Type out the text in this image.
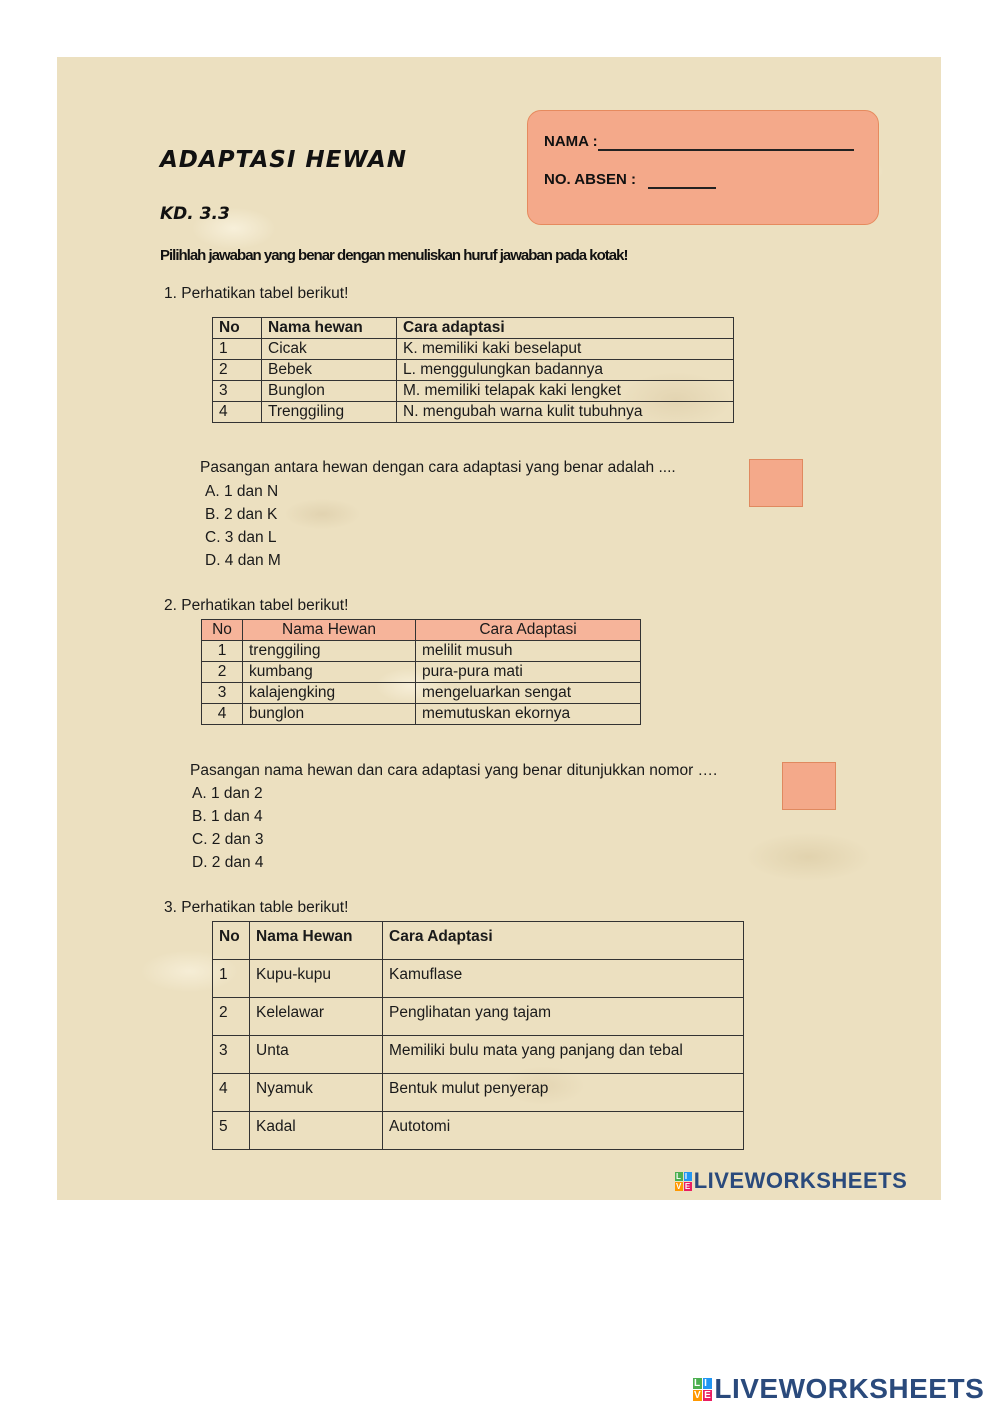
ADAPTASI HEWAN
KD. 3.3
NAMA :
NO. ABSEN :
Pilihlah jawaban yang benar dengan menuliskan huruf jawaban pada kotak!
1. Perhatikan tabel berikut!
No	Nama hewan	Cara adaptasi
1	Cicak	K. memiliki kaki beselaput
2	Bebek	L. menggulungkan badannya
3	Bunglon	M. memiliki telapak kaki lengket
4	Trenggiling	N. mengubah warna kulit tubuhnya
Pasangan antara hewan dengan cara adaptasi yang benar adalah ....
A. 1 dan N
B. 2 dan K
C. 3 dan L
D. 4 dan M
2. Perhatikan tabel berikut!
No	Nama Hewan	Cara Adaptasi
1	trenggiling	melilit musuh
2	kumbang	pura-pura mati
3	kalajengking	mengeluarkan sengat
4	bunglon	memutuskan ekornya
Pasangan nama hewan dan cara adaptasi yang benar ditunjukkan nomor ….
A. 1 dan 2
B. 1 dan 4
C. 2 dan 3
D. 2 dan 4
3. Perhatikan table berikut!
No	Nama Hewan	Cara Adaptasi
1	Kupu-kupu	Kamuflase
2	Kelelawar	Penglihatan yang tajam
3	Unta	Memiliki bulu mata yang panjang dan tebal
4	Nyamuk	Bentuk mulut penyerap
5	Kadal	Autotomi
L I
V E LIVEWORKSHEETS
L I
V E LIVEWORKSHEETS
